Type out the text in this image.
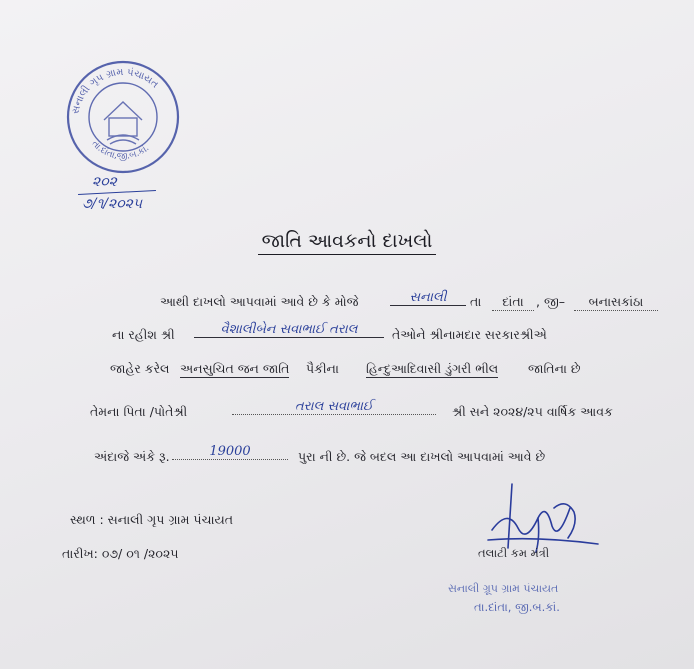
સનાલી ગૃપ ગ્રામ પંચાયત
તા.દાંતા,જી.બ.કાં.
૨૦૨
૭/૧/૨૦૨૫
જાતિ આવકનો દાખલો
આથી દાખલો આપવામાં આવે છે કે મોજે	સનાલી	તા	દાંતા , જી–	બનાસકાંઠા
ના રહીશ શ્રી	વૈશાલીબેન સવાભાઈ તરાલ	તેઓને શ્રીનામદાર સરકારશ્રીએ
જાહેર કરેલ અનસુચિત જન જાતિ પૈકીના હિન્દુઆદિવાસી ડુંગરી ભીલ જાતિના છે
તેમના પિતા /પોતેશ્રી	તરાલ સવાભાઈ	શ્રી સને ૨૦૨૪/૨૫ વાર્ષિક આવક
અંદાજે અંકે રૂ.	19000	પુરા ની છે. જે બદલ આ દાખલો આપવામાં આવે છે
સ્થળ : સનાલી ગૃપ ગ્રામ પંચાયત
તારીખ: ૦૭/ ૦૧ /૨૦૨૫	તલાટી કમ મંત્રી
સનાલી ગ્રૂપ ગ્રામ પંચાયત
તા.દાંતા, જી.બ.કાં.
